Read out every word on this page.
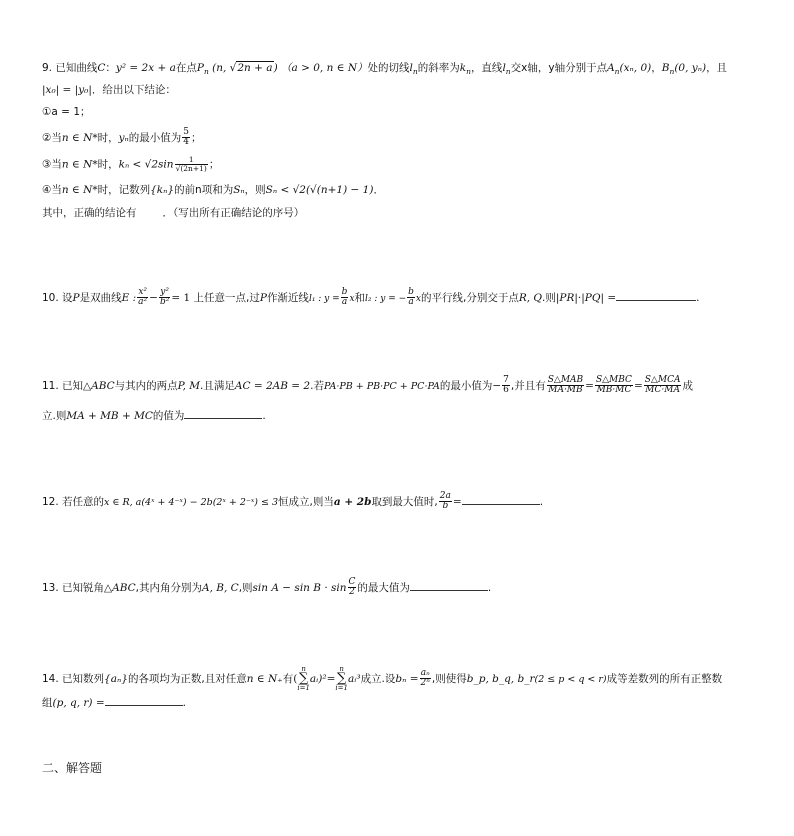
9. 已知曲线C：y² = 2x + a在点$P_n$ (n, √2n + a) （a > 0, n ∈ N）处的切线$l_n$的斜率为$k_n$，直线$l_n$交x轴，y轴分别于点$A_n(x_n$, 0)，$B_n(0$, yₙ)，且
|x₀| = |y₀|．给出以下结论：
①a = 1；
②当n ∈ N*时，yₙ的最小值为 $\frac{5}{4}$ ；
③当n ∈ N*时，$k_n < √2\sin \frac{1}{√(2n+1)}$ ；
④当n ∈ N*时，记数列{kₙ}的前n项和为Sₙ，则Sₙ < √2(√(n+1) − 1)．
其中，正确的结论有 ．（写出所有正确结论的序号）
10. 设P是双曲线E : $\frac{\text{x²}}{\text{a²}} - \frac{\text{y²}}{\text{b²}} = 1$ 上任意一点,过P作渐近线l₁ : $y = \frac{b}{a}$ x和l₂ : y = − $\frac{b}{a}$ x的平行线,分别交于点R, Q.则|PR|·|PQ| =	.
11. 已知△ABC与其内的两点P, M.且满足AC = 2AB = 2.若PA·PB + PB·PC + PC·PA的最小值为− $\frac{7}{6}$ ,并且有 $\frac{\text{S△MAB}}{MA\cdot MB} = \frac{\text{S△MBC}}{MB\cdot MC} = \frac{\text{S△MCA}}{MC\cdot MA}$ 成
立.则MA + MB + MC的值为	.
12. 若任意的x ∈ R, a(4ˣ + 4⁻ˣ) − 2b(2ˣ + 2⁻ˣ) ≤ 3恒成立,则当a + 2b取到最大值时, $\frac{2a}{b}$ =	.
13. 已知锐角△ABC,其内角分别为A, B, C,则$\sin A - \sin B \cdot \sin \frac{C}{2}$ 的最大值为	.
14. 已知数列{aₙ}的各项均为正数,且对任意n ∈ N₊有(n
∑
i=1aᵢ)²=n
∑
i=1aᵢ³成立.设$b_n = \frac{\text{aₙ}}{\text{2ⁿ}}$ ,则使得b_p, b_q, b_r(2 ≤ p < q < r)成等差数列的所有正整数
组(p, q, r) =	.
二、解答题
